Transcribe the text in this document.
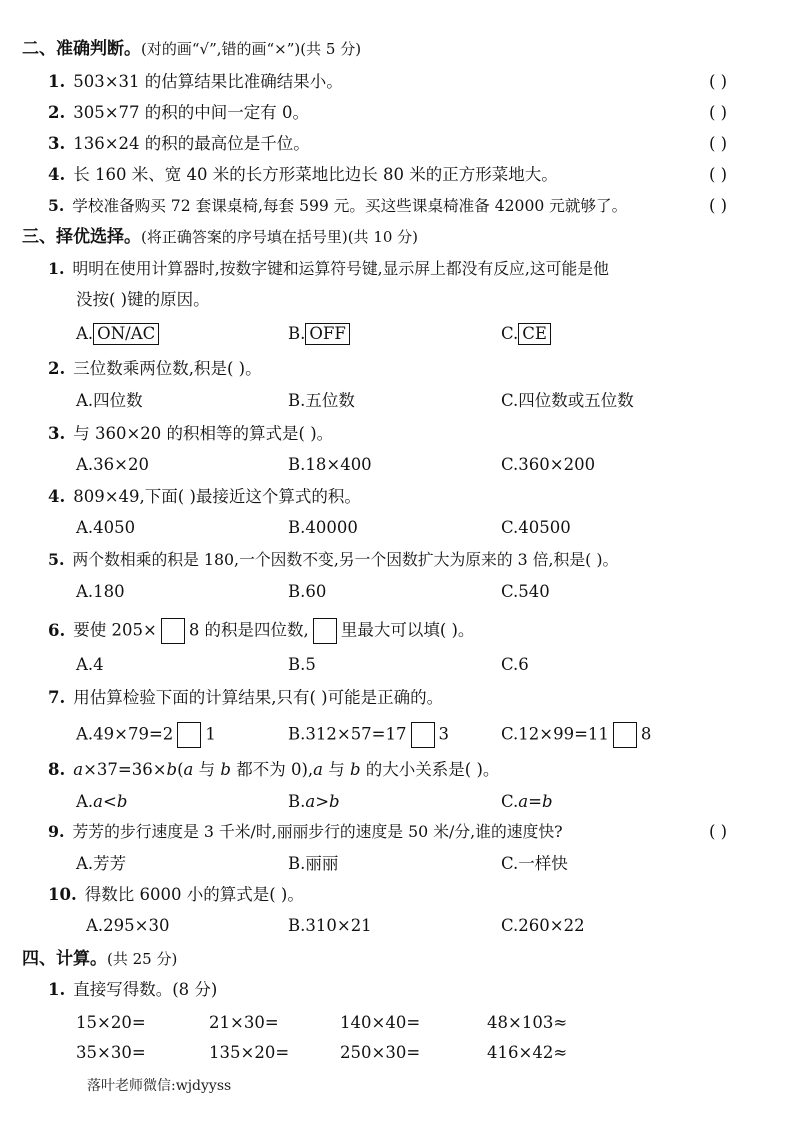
二、准确判断。(对的画“√”,错的画“×”)(共 5 分)
1. 503×31 的估算结果比准确结果小。	( )
2. 305×77 的积的中间一定有 0。	( )
3. 136×24 的积的最高位是千位。	( )
4. 长 160 米、宽 40 米的长方形菜地比边长 80 米的正方形菜地大。	( )
5. 学校准备购买 72 套课桌椅,每套 599 元。买这些课桌椅准备 42000 元就够了。	( )
三、择优选择。(将正确答案的序号填在括号里)(共 10 分)
1. 明明在使用计算器时,按数字键和运算符号键,显示屏上都没有反应,这可能是他
没按( )键的原因。
A. ON/AC	B. OFF	C. CE
2. 三位数乘两位数,积是( )。
A.四位数	B.五位数	C.四位数或五位数
3. 与 360×20 的积相等的算式是( )。
A.36×20	B.18×400	C.360×200
4. 809×49,下面( )最接近这个算式的积。
A.4050	B.40000	C.40500
5. 两个数相乘的积是 180,一个因数不变,另一个因数扩大为原来的 3 倍,积是( )。
A.180	B.60	C.540
6. 要使 205× 8 的积是四位数, 里最大可以填( )。
A.4	B.5	C.6
7. 用估算检验下面的计算结果,只有( )可能是正确的。
A.49×79=2 1	B.312×57=17 3	C.12×99=11 8
8. a×37=36×b(a 与 b 都不为 0),a 与 b 的大小关系是( )。
A.a<b	B.a>b	C.a=b
9. 芳芳的步行速度是 3 千米/时,丽丽步行的速度是 50 米/分,谁的速度快?	( )
A.芳芳	B.丽丽	C.一样快
10. 得数比 6000 小的算式是( )。
A.295×30	B.310×21	C.260×22
四、计算。(共 25 分)
1. 直接写得数。(8 分)
15×20=	21×30=	140×40=	48×103≈
35×30=	135×20=	250×30=	416×42≈
落叶老师微信:wjdyyss
